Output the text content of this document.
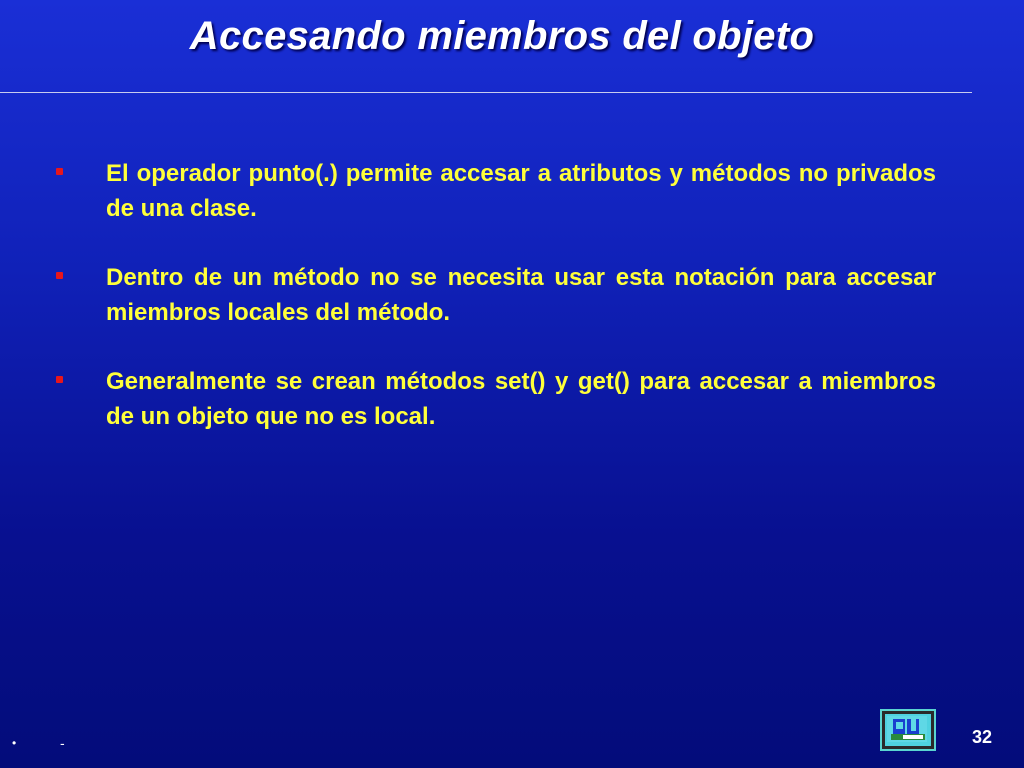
Accesando miembros del objeto
El operador punto(.) permite accesar a atributos y métodos no privados de una clase.
Dentro de un método no se necesita usar esta notación para accesar miembros locales del método.
Generalmente se crean métodos set() y get() para accesar a miembros de un objeto que no es local.
•	-	32
